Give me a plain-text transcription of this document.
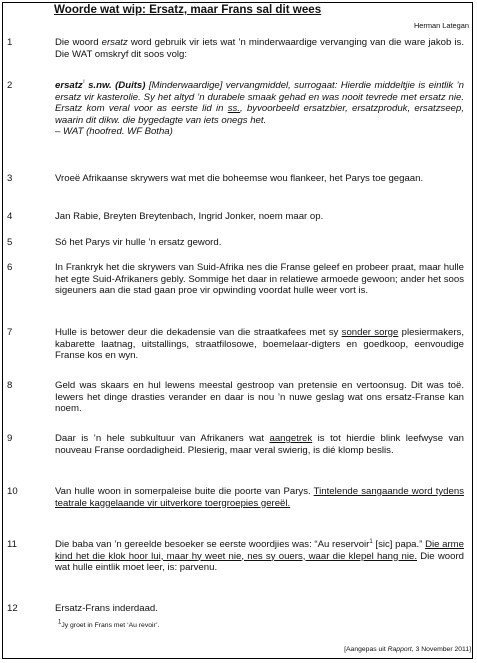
Woorde wat wip: Ersatz, maar Frans sal dit wees
Herman Lategan
1	Die woord ersatz word gebruik vir iets wat ’n minderwaardige vervanging van die ware jakob is. Die WAT omskryf dit soos volg:
2	ersatz$^{^1}$ s.nw. (Duits) [Minderwaardige] vervangmiddel, surrogaat: Hierdie middeltjie is eintlik ’n ersatz vir kasterolie. Sy het altyd ’n durabele smaak gehad en was nooit tevrede met ersatz nie. Ersatz kom veral voor as eerste lid in ss., byvoorbeeld ersatzbier, ersatzproduk, ersatzseep, waarin dit dikw. die bygedagte van iets onegs het.
– WAT (hoofred. WF Botha)
3	Vroeë Afrikaanse skrywers wat met die boheemse wou flankeer, het Parys toe gegaan.
4	Jan Rabie, Breyten Breytenbach, Ingrid Jonker, noem maar op.
5	Só het Parys vir hulle ’n ersatz geword.
6	In Frankryk het die skrywers van Suid-Afrika nes die Franse geleef en probeer praat, maar hulle het egte Suid-Afrikaners gebly. Sommige het daar in relatiewe armoede gewoon; ander het soos sigeuners aan die stad gaan proe vir opwinding voordat hulle weer vort is.
7	Hulle is betower deur die dekadensie van die straatkafees met sy sonder sorge plesiermakers, kabarette laatnag, uitstallings, straatfilosowe, boemelaar-digters en goedkoop, eenvoudige Franse kos en wyn.
8	Geld was skaars en hul lewens meestal gestroop van pretensie en vertoonsug. Dit was toë. Iewers het dinge drasties verander en daar is nou ’n nuwe geslag wat ons ersatz-Franse kan noem.
9	Daar is ’n hele subkultuur van Afrikaners wat aangetrek is tot hierdie blink leefwyse van nouveau Franse oordadigheid. Plesierig, maar veral swierig, is dié klomp beslis.
10	Van hulle woon in somerpaleise buite die poorte van Parys. Tintelende sangaande word tydens teatrale kaggelaande vir uitverkore toergroepies gereël.
11	Die baba van ’n gereelde besoeker se eerste woordjies was: “Au reservoir$^1$ [sic] papa.” Die arme kind het die klok hoor lui, maar hy weet nie, nes sy ouers, waar die klepel hang nie. Die woord wat hulle eintlik moet leer, is: parvenu.
12	Ersatz-Frans inderdaad.
$^1$Jy groet in Frans met ‘Au revoir’.
[Aangepas uit Rapport, 3 November 2011]
